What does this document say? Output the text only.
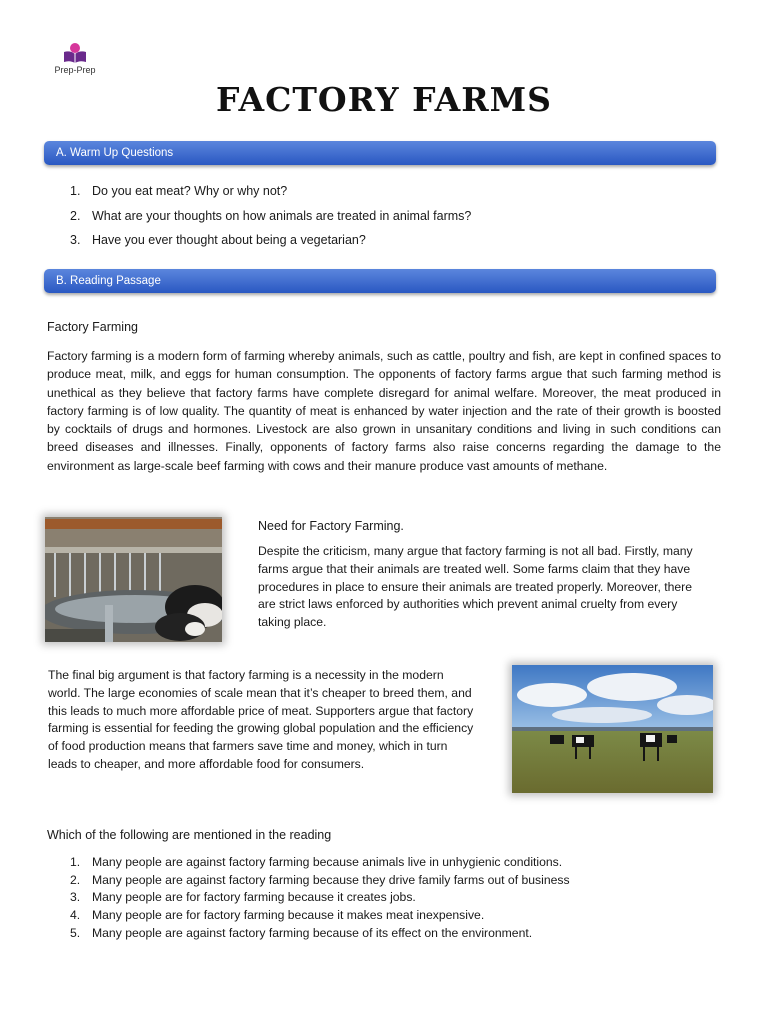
Prep-Prep
FACTORY FARMS
A. Warm Up Questions
1. Do you eat meat? Why or why not?
2. What are your thoughts on how animals are treated in animal farms?
3. Have you ever thought about being a vegetarian?
B. Reading Passage
Factory Farming

Factory farming is a modern form of farming whereby animals, such as cattle, poultry and fish, are kept in confined spaces to produce meat, milk, and eggs for human consumption. The opponents of factory farms argue that such farming method is unethical as they believe that factory farms have complete disregard for animal welfare. Moreover, the meat produced in factory farming is of low quality. The quantity of meat is enhanced by water injection and the rate of their growth is boosted by cocktails of drugs and hormones. Livestock are also grown in unsanitary conditions and living in such conditions can breed diseases and illnesses. Finally, opponents of factory farms also raise concerns regarding the damage to the environment as large-scale beef farming with cows and their manure produce vast amounts of methane.

Need for Factory Farming.

Despite the criticism, many argue that factory farming is not all bad. Firstly, many farms argue that their animals are treated well. Some farms claim that they have procedures in place to ensure their animals are treated properly. Moreover, there are strict laws enforced by authorities which prevent animal cruelty from every taking place.

The final big argument is that factory farming is a necessity in the modern world. The large economies of scale mean that it’s cheaper to breed them, and this leads to much more affordable price of meat. Supporters argue that factory farming is essential for feeding the growing global population and the efficiency of food production means that farmers save time and money, which in turn leads to cheaper, and more affordable food for consumers.

Which of the following are mentioned in the reading
1. Many people are against factory farming because animals live in unhygienic conditions.
2. Many people are against factory farming because they drive family farms out of business
3. Many people are for factory farming because it creates jobs.
4. Many people are for factory farming because it makes meat inexpensive.
5. Many people are against factory farming because of its effect on the environment.
